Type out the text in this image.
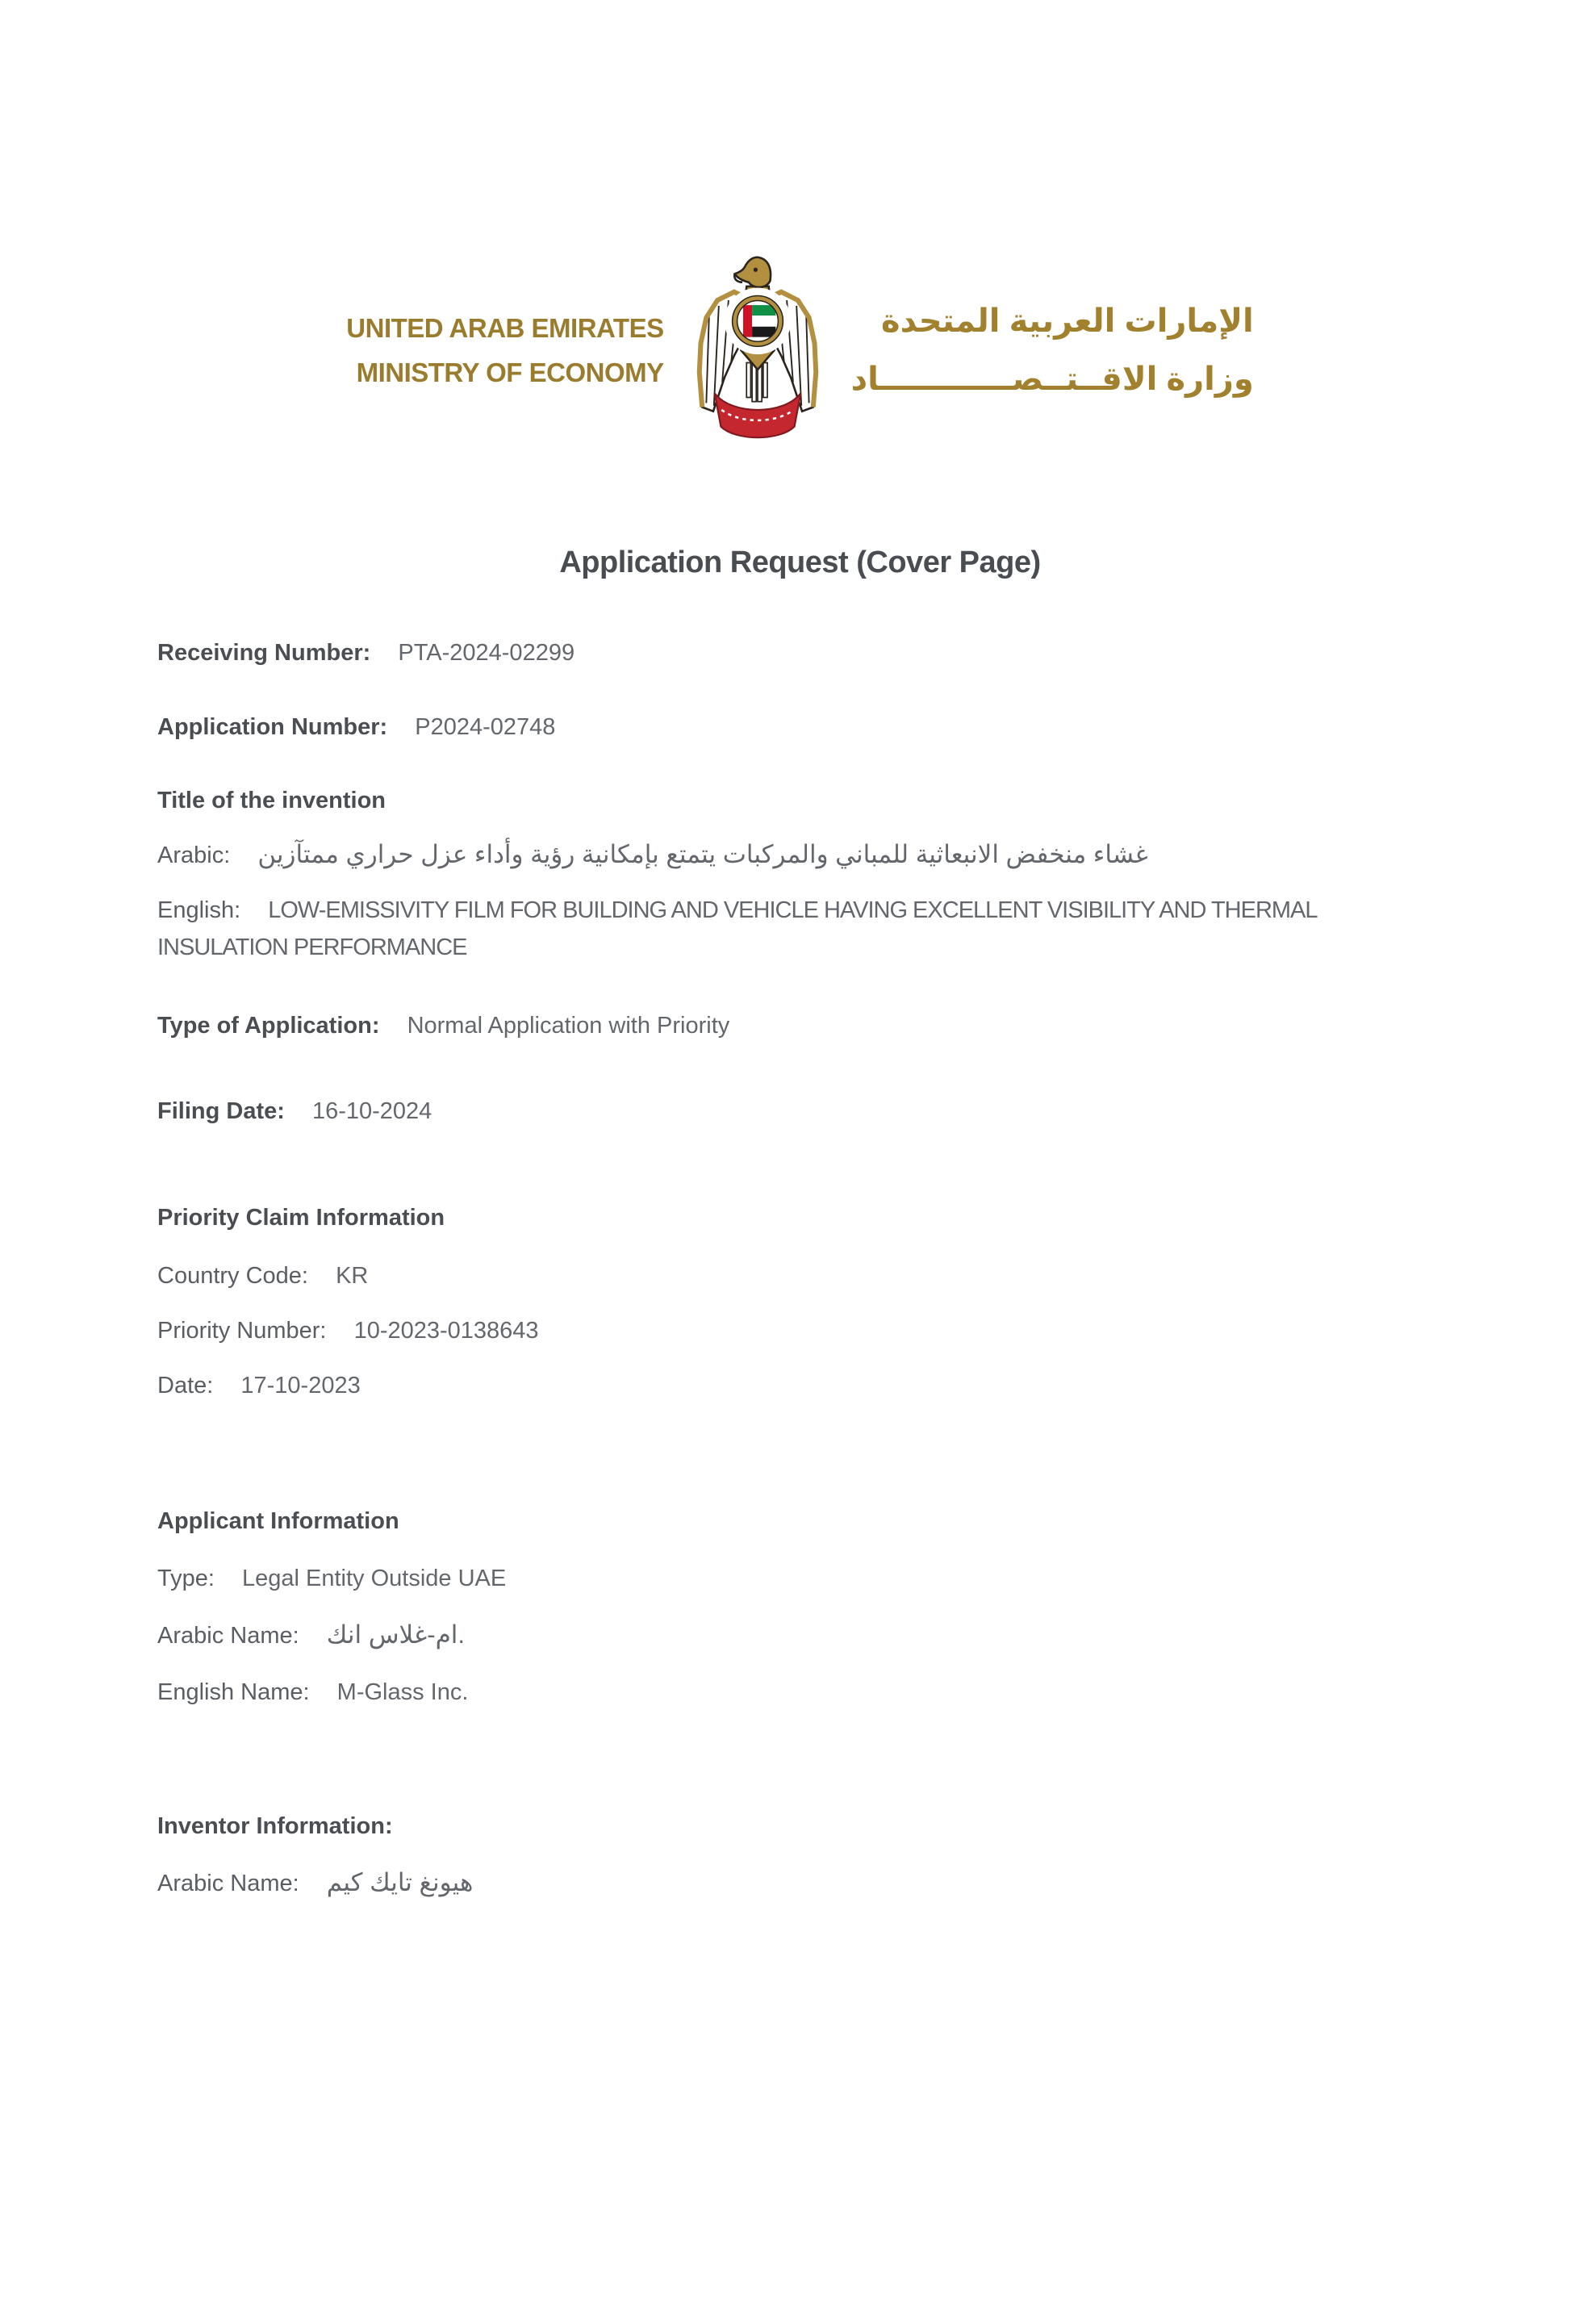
UNITED ARAB EMIRATES
MINISTRY OF ECONOMY
الإمارات العربية المتحدة
وزارة الاقــتــصــــــــــــاد
Application Request (Cover Page)

Receiving Number: PTA-2024-02299

Application Number: P2024-02748

Title of the invention

Arabic: غشاء منخفض الانبعاثية للمباني والمركبات يتمتع بإمكانية رؤية وأداء عزل حراري ممتآزين

English: LOW-EMISSIVITY FILM FOR BUILDING AND VEHICLE HAVING EXCELLENT VISIBILITY AND THERMAL INSULATION PERFORMANCE

Type of Application: Normal Application with Priority

Filing Date: 16-10-2024

Priority Claim Information

Country Code: KR

Priority Number: 10-2023-0138643

Date: 17-10-2023

Applicant Information

Type: Legal Entity Outside UAE

Arabic Name: ام-غلاس انك.

English Name: M-Glass Inc.

Inventor Information:

Arabic Name: هيونغ تايك كيم
